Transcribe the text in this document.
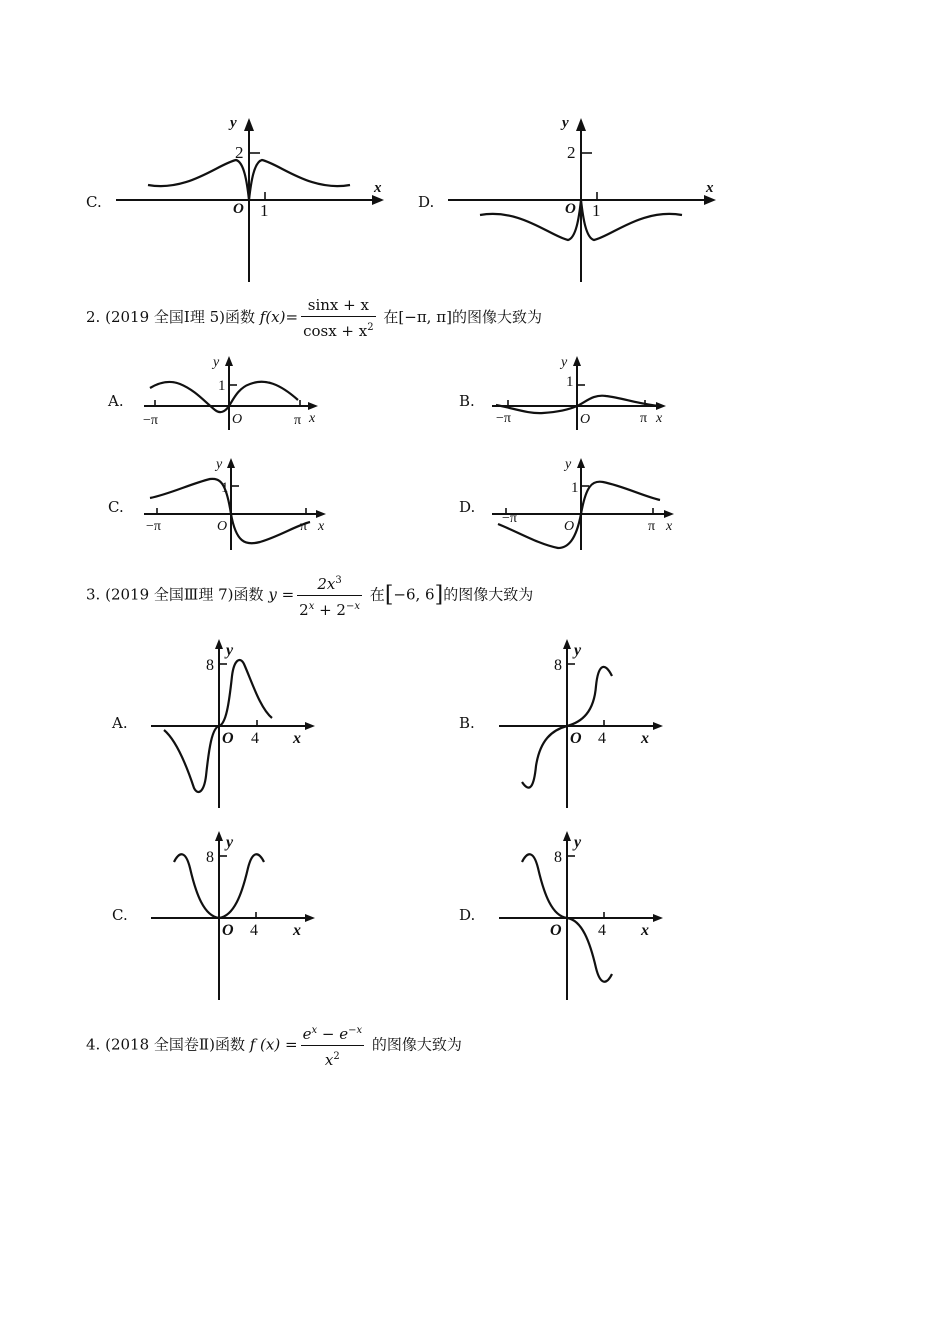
C.
y
x
2
O 1	D.
y
x
2
O 1
2. (2019 全国Ⅰ理 5)函数 $f(x)= \frac{\sin x + x}{\cos x + x^2}$ 在[−π, π]的图像大致为
A.
y
1
O
−π	π x
B.
y
1
O
−π	π x
C.
y
1
O
−π	π x
D.
y
1
O
−π
π x
3. (2019 全国Ⅲ理 7)函数 $y = \frac{2x^3}{2^x + 2^{-x}}$ 在[−6, 6]的图像大致为
A.
y
8
O 4 x
B.
y
8
O 4 x
C.
y
8
O 4 x
D.
y
8
O 4 x
4. (2018 全国卷Ⅱ)函数 f $(x) = \frac{e^x - e^{-x}}{x^2}$ 的图像大致为
